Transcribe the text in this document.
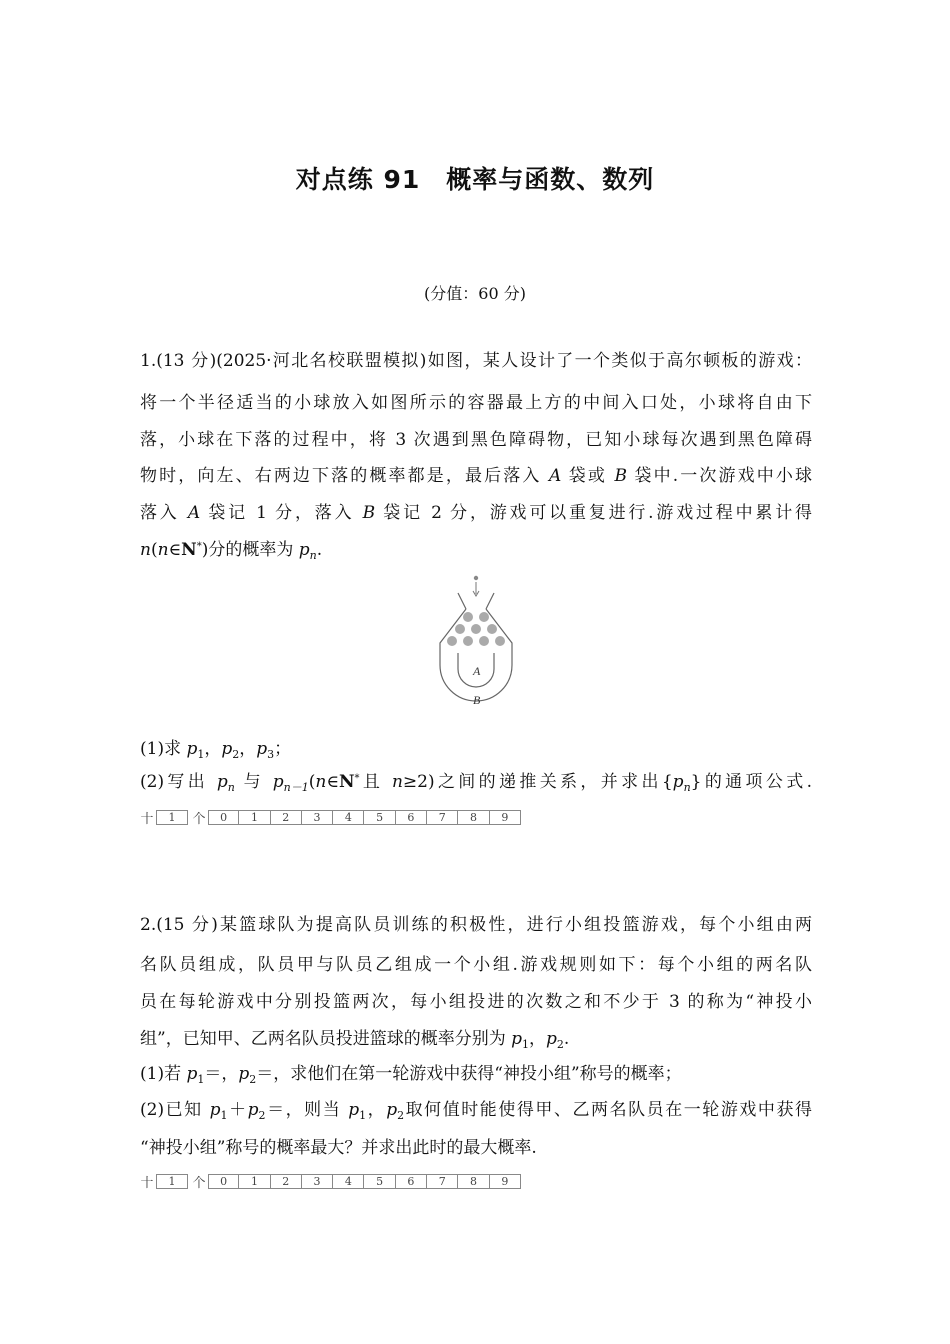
对点练 91　概率与函数、数列
(分值：60 分)
1.(13 分)(2025·河北名校联盟模拟)如图，某人设计了一个类似于高尔顿板的游戏：
将一个半径适当的小球放入如图所示的容器最上方的中间入口处，小球将自由下
落，小球在下落的过程中，将 3 次遇到黑色障碍物，已知小球每次遇到黑色障碍
物时，向左、右两边下落的概率都是，最后落入 A 袋或 B 袋中.一次游戏中小球
落入 A 袋记 1 分，落入 B 袋记 2 分，游戏可以重复进行.游戏过程中累计得
n(n∈N*)分的概率为 $p_n$.
A
B
(1)求 $p_1$，$p_2$，$p_3$；
(2)写出 $p_n$ 与 $p_{n-1}(n\in N^*$且 n≥2)之间的递推关系，并求出$\{p_n\}$的通项公式.
十	1	个	0	1	2	3	4	5	6	7	8	9
2.(15 分)某篮球队为提高队员训练的积极性，进行小组投篮游戏，每个小组由两
名队员组成，队员甲与队员乙组成一个小组.游戏规则如下：每个小组的两名队
员在每轮游戏中分别投篮两次，每小组投进的次数之和不少于 3 的称为“神投小
组”，已知甲、乙两名队员投进篮球的概率分别为 $p_1$，$p_2$.
(1)若 $p_1=$，$p_2=$，求他们在第一轮游戏中获得“神投小组”称号的概率；
(2)已知 $p_1+p_2=$，则当 $p_1$，$p_2$取何值时能使得甲、乙两名队员在一轮游戏中获得
“神投小组”称号的概率最大？并求出此时的最大概率.
十	1	个	0	1	2	3	4	5	6	7	8	9
